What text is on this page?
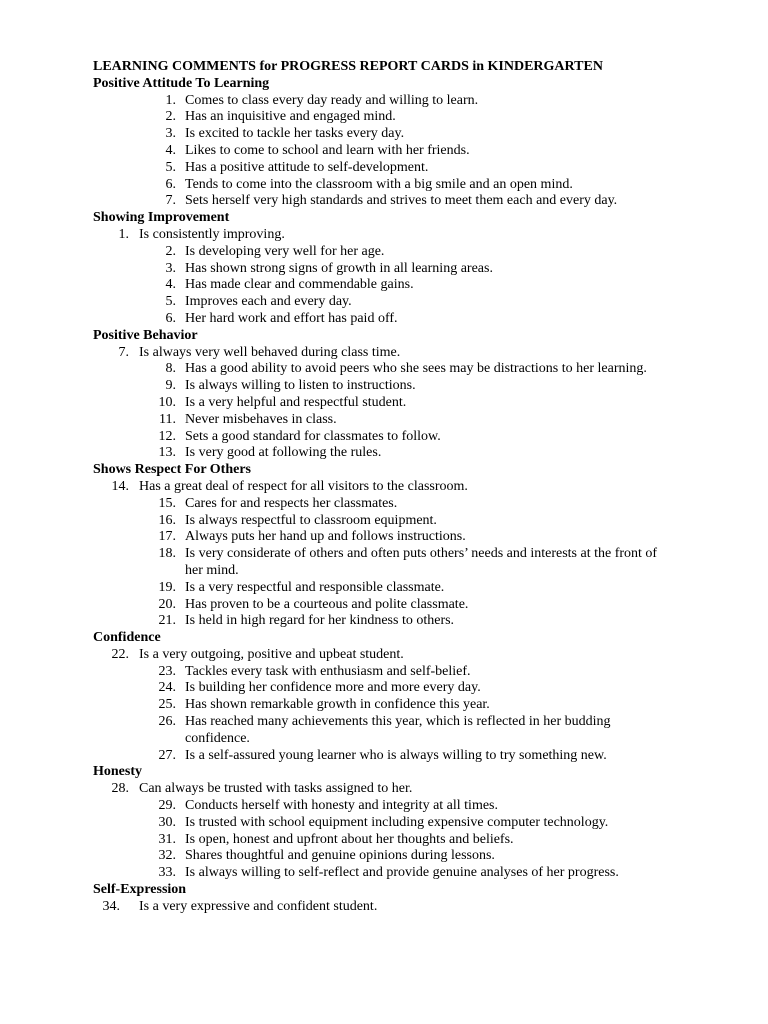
LEARNING COMMENTS for PROGRESS REPORT CARDS in KINDERGARTEN
Positive Attitude To Learning
1. Comes to class every day ready and willing to learn.
2. Has an inquisitive and engaged mind.
3. Is excited to tackle her tasks every day.
4. Likes to come to school and learn with her friends.
5. Has a positive attitude to self-development.
6. Tends to come into the classroom with a big smile and an open mind.
7. Sets herself very high standards and strives to meet them each and every day.
Showing Improvement
1. Is consistently improving.
2. Is developing very well for her age.
3. Has shown strong signs of growth in all learning areas.
4. Has made clear and commendable gains.
5. Improves each and every day.
6. Her hard work and effort has paid off.
Positive Behavior
7. Is always very well behaved during class time.
8. Has a good ability to avoid peers who she sees may be distractions to her learning.
9. Is always willing to listen to instructions.
10. Is a very helpful and respectful student.
11. Never misbehaves in class.
12. Sets a good standard for classmates to follow.
13. Is very good at following the rules.
Shows Respect For Others
14. Has a great deal of respect for all visitors to the classroom.
15. Cares for and respects her classmates.
16. Is always respectful to classroom equipment.
17. Always puts her hand up and follows instructions.
18. Is very considerate of others and often puts others’ needs and interests at the front of her mind.
19. Is a very respectful and responsible classmate.
20. Has proven to be a courteous and polite classmate.
21. Is held in high regard for her kindness to others.
Confidence
22. Is a very outgoing, positive and upbeat student.
23. Tackles every task with enthusiasm and self-belief.
24. Is building her confidence more and more every day.
25. Has shown remarkable growth in confidence this year.
26. Has reached many achievements this year, which is reflected in her budding confidence.
27. Is a self-assured young learner who is always willing to try something new.
Honesty
28. Can always be trusted with tasks assigned to her.
29. Conducts herself with honesty and integrity at all times.
30. Is trusted with school equipment including expensive computer technology.
31. Is open, honest and upfront about her thoughts and beliefs.
32. Shares thoughtful and genuine opinions during lessons.
33. Is always willing to self-reflect and provide genuine analyses of her progress.
Self-Expression
34. Is a very expressive and confident student.
